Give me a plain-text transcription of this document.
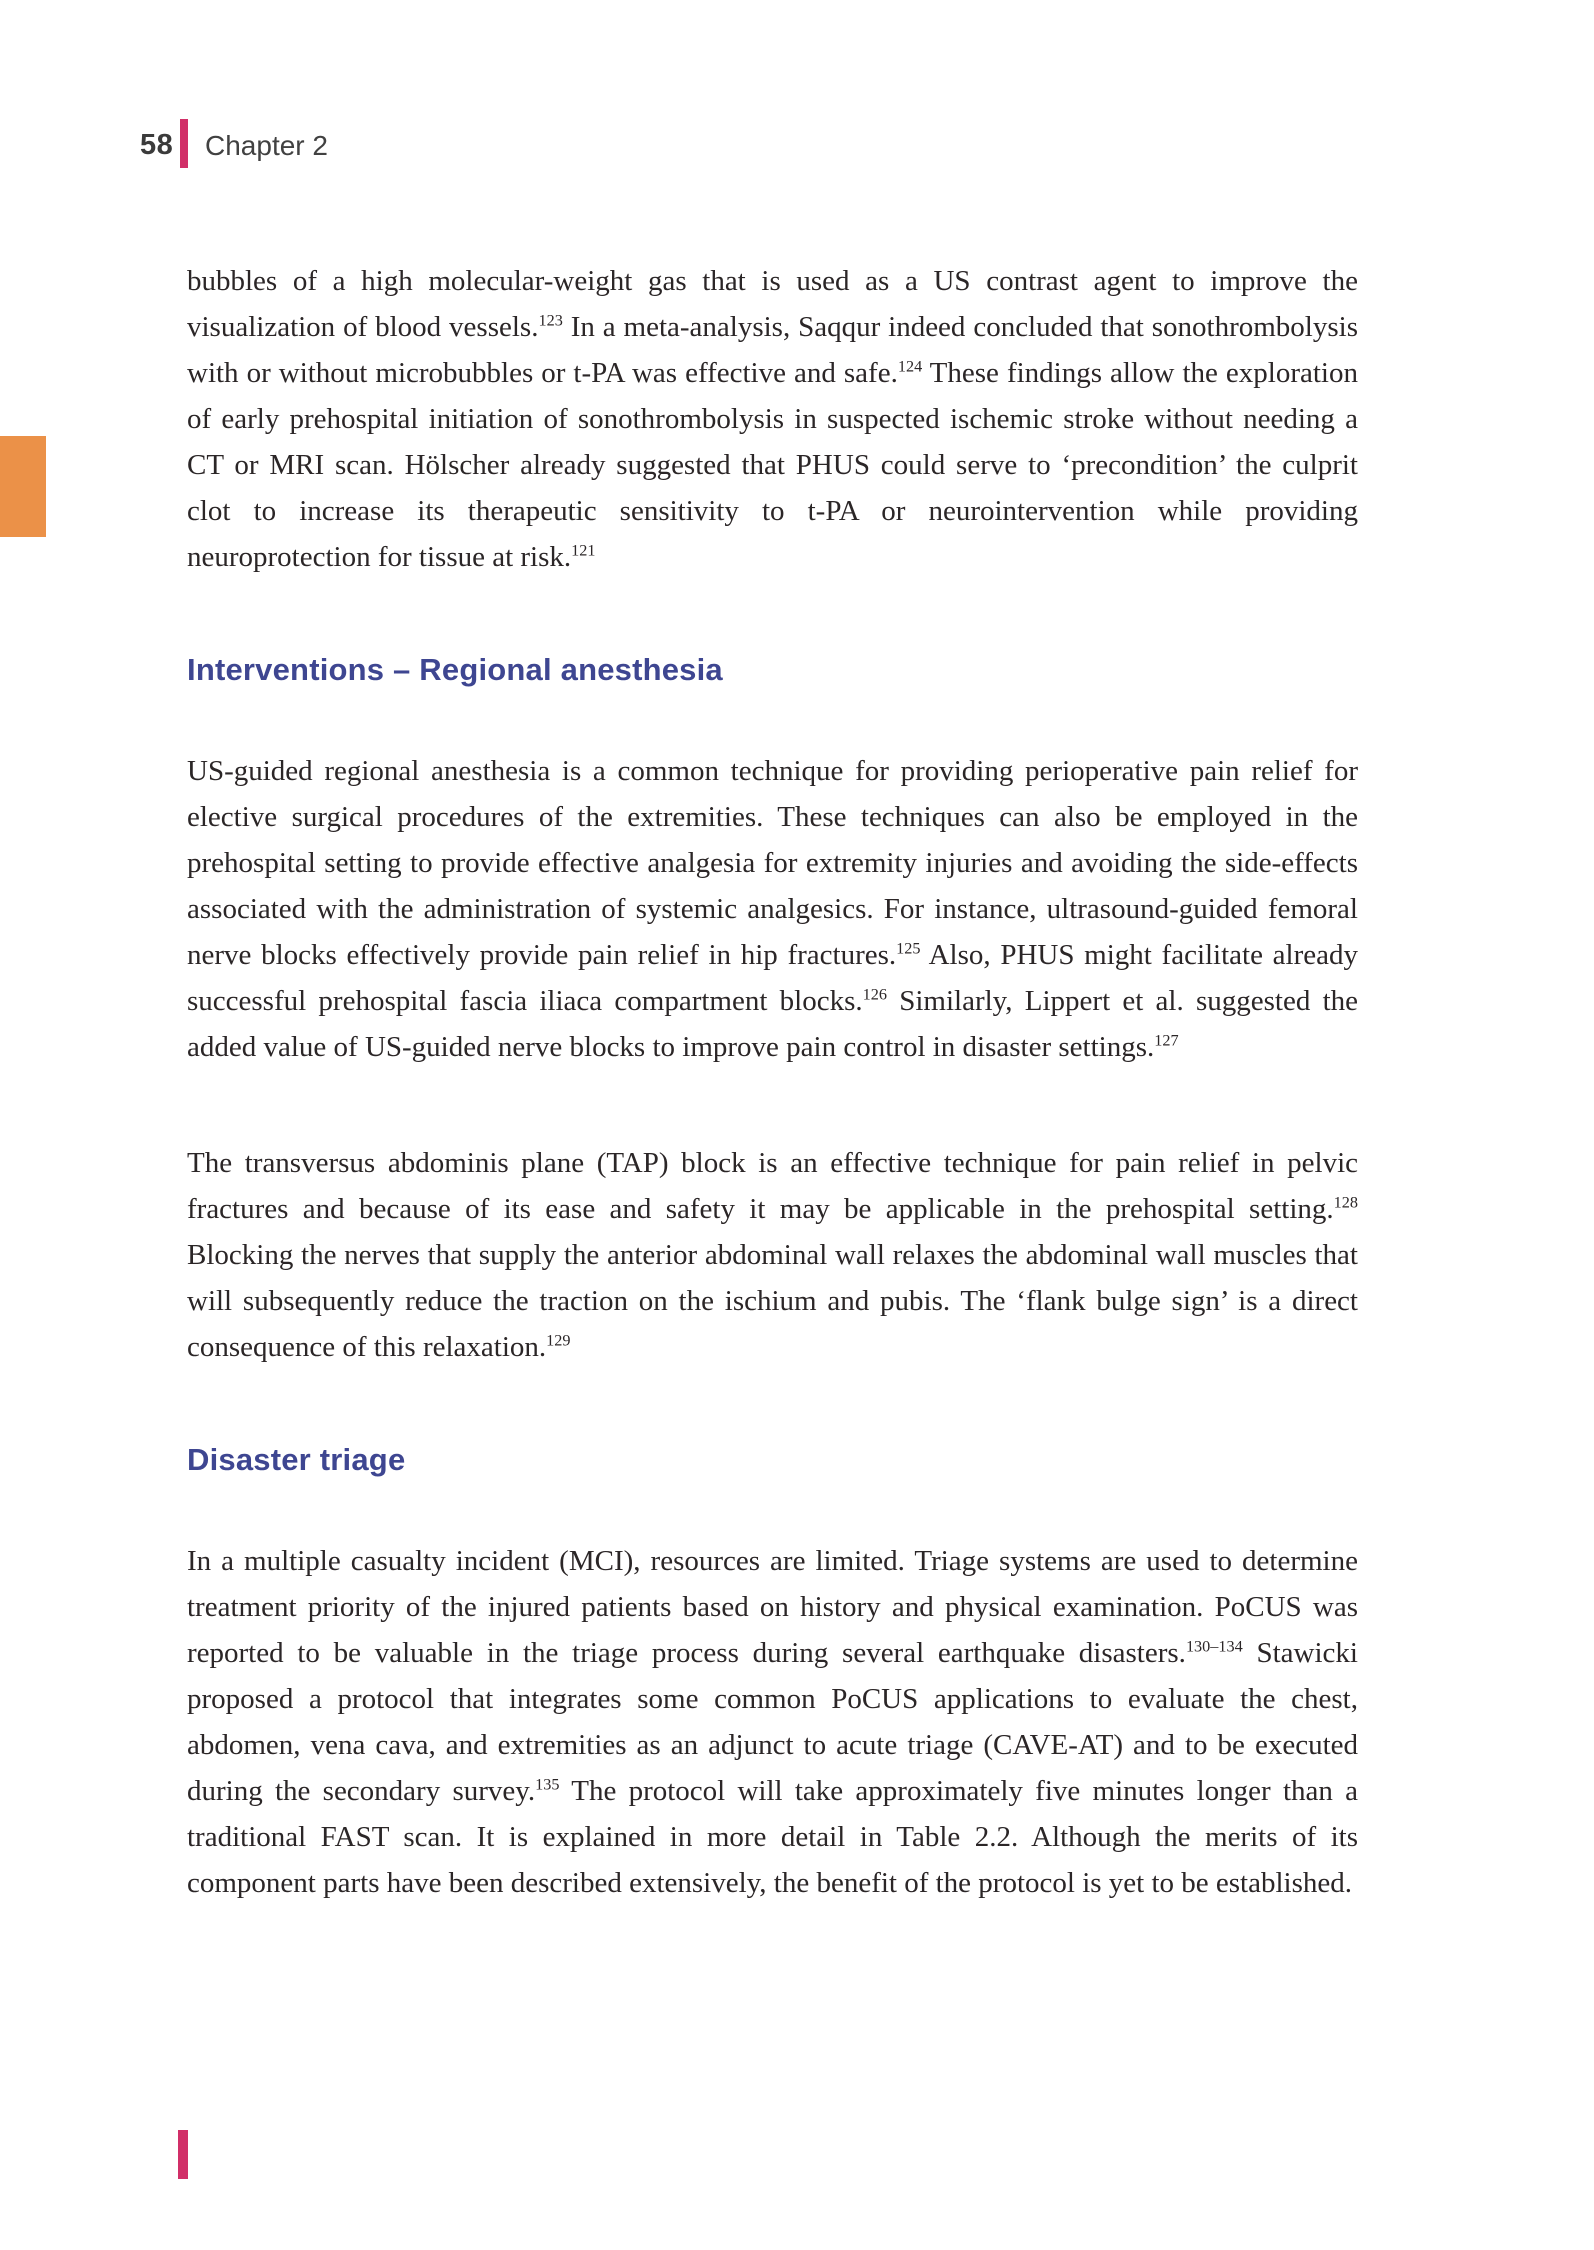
58 Chapter 2

bubbles of a high molecular-weight gas that is used as a US contrast agent to improve the visualization of blood vessels.$^{123}$ In a meta-analysis, Saqqur indeed concluded that sonothrombolysis with or without microbubbles or t-PA was effective and safe.$^{124}$ These findings allow the exploration of early prehospital initiation of sonothrombolysis in suspected ischemic stroke without needing a CT or MRI scan. Hölscher already suggested that PHUS could serve to ‘precondition’ the culprit clot to increase its therapeutic sensitivity to t-PA or neurointervention while providing neuroprotection for tissue at risk.$^{121}$

Interventions – Regional anesthesia

US-guided regional anesthesia is a common technique for providing perioperative pain relief for elective surgical procedures of the extremities. These techniques can also be employed in the prehospital setting to provide effective analgesia for extremity injuries and avoiding the side-effects associated with the administration of systemic analgesics. For instance, ultrasound-guided femoral nerve blocks effectively provide pain relief in hip fractures.$^{125}$ Also, PHUS might facilitate already successful prehospital fascia iliaca compartment blocks.$^{126}$ Similarly, Lippert et al. suggested the added value of US-guided nerve blocks to improve pain control in disaster settings.$^{127}$

The transversus abdominis plane (TAP) block is an effective technique for pain relief in pelvic fractures and because of its ease and safety it may be applicable in the prehospital setting.$^{128}$ Blocking the nerves that supply the anterior abdominal wall relaxes the abdominal wall muscles that will subsequently reduce the traction on the ischium and pubis. The ‘flank bulge sign’ is a direct consequence of this relaxation.$^{129}$

Disaster triage

In a multiple casualty incident (MCI), resources are limited. Triage systems are used to determine treatment priority of the injured patients based on history and physical examination. PoCUS was reported to be valuable in the triage process during several earthquake disasters.$^{130-134}$ Stawicki proposed a protocol that integrates some common PoCUS applications to evaluate the chest, abdomen, vena cava, and extremities as an adjunct to acute triage (CAVE-AT) and to be executed during the secondary survey.$^{135}$ The protocol will take approximately five minutes longer than a traditional FAST scan. It is explained in more detail in Table 2.2. Although the merits of its component parts have been described extensively, the benefit of the protocol is yet to be established.
